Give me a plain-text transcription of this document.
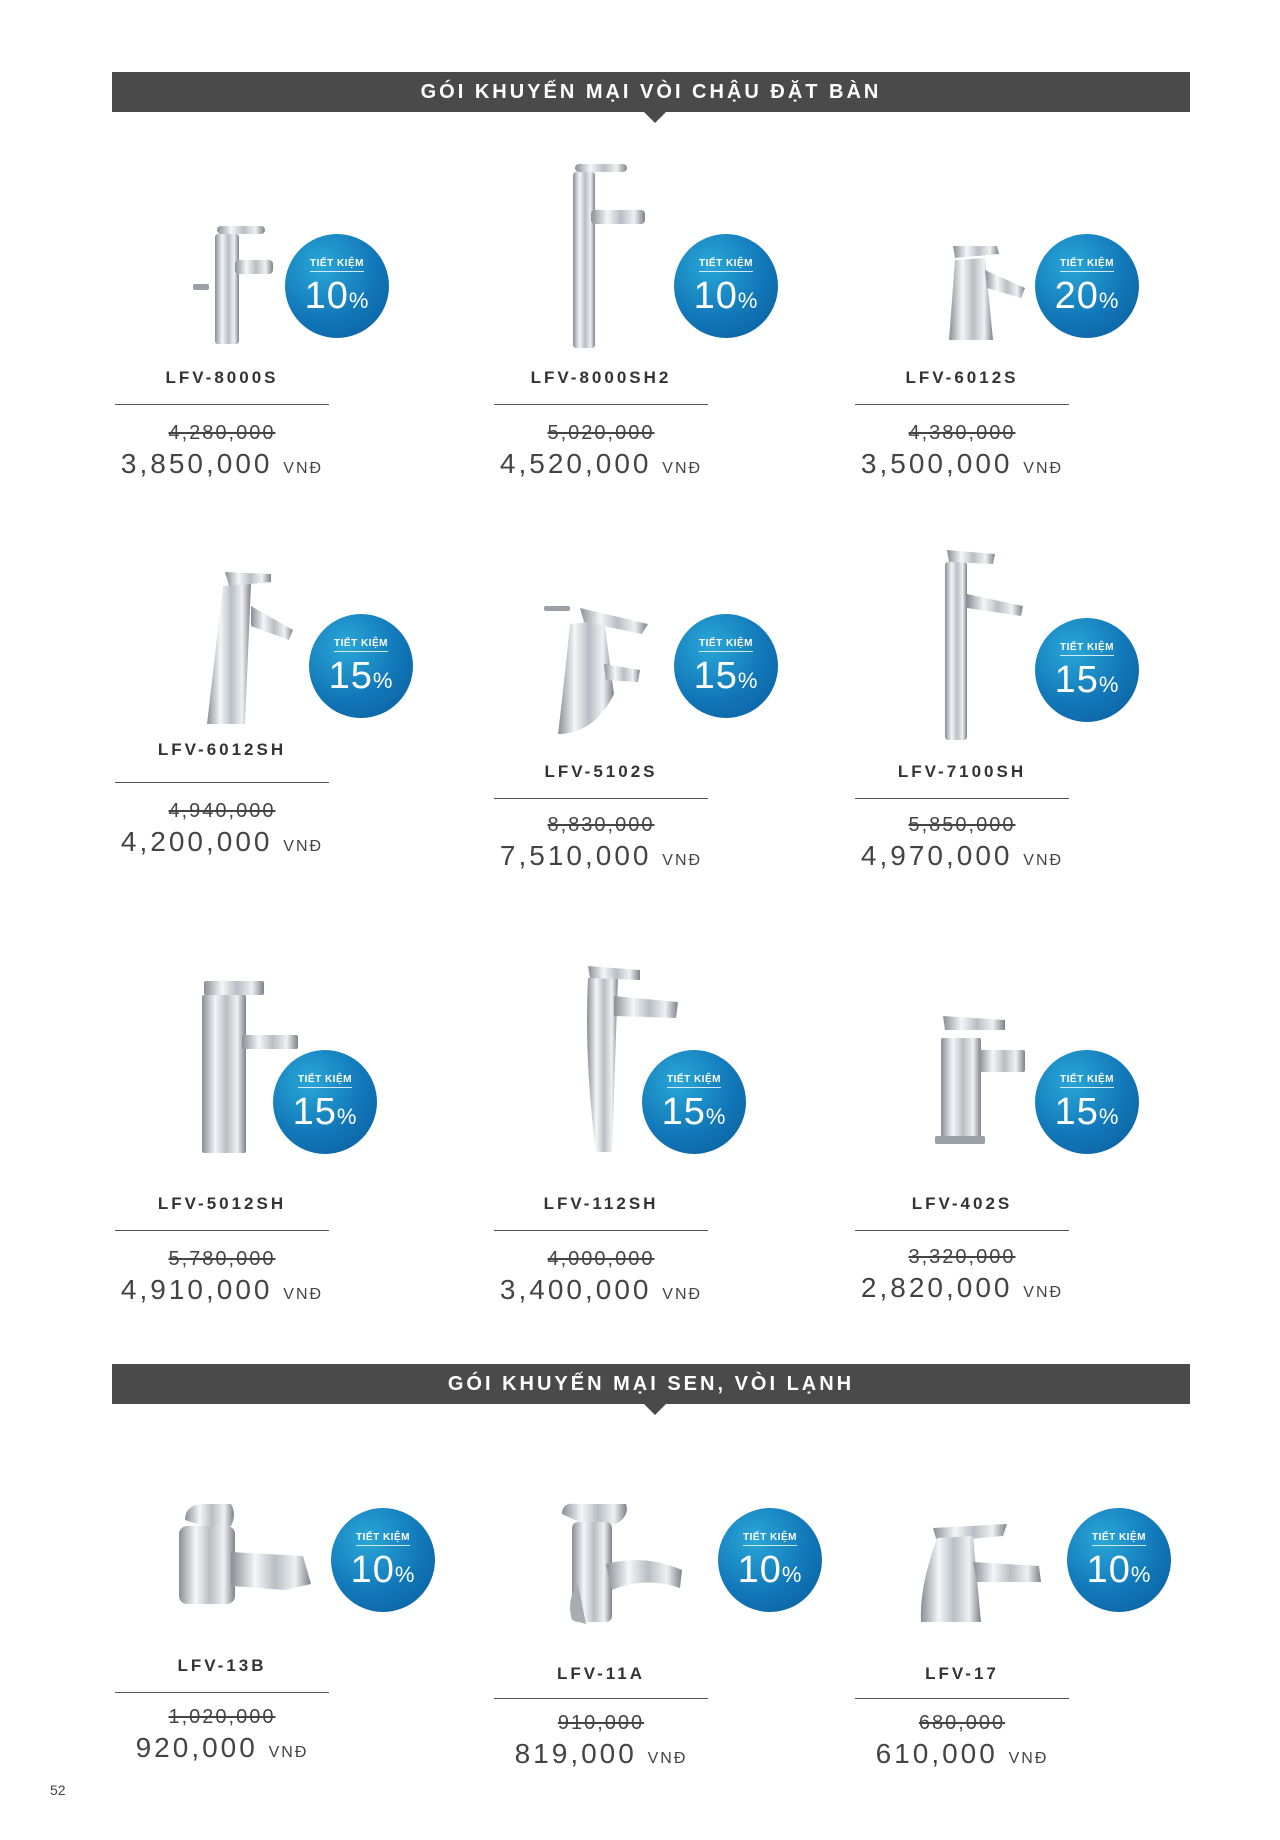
GÓI KHUYẾN MẠI VÒI CHẬU ĐẶT BÀN
TIẾT KIỆM
10%
LFV-8000S
4,280,000
3,850,000 VNĐ
TIẾT KIỆM
10%
LFV-8000SH2
5,020,000
4,520,000 VNĐ
TIẾT KIỆM
20%
LFV-6012S
4,380,000
3,500,000 VNĐ
TIẾT KIỆM
15%
LFV-6012SH
4,940,000
4,200,000 VNĐ
TIẾT KIỆM
15%
LFV-5102S
8,830,000
7,510,000 VNĐ
TIẾT KIỆM
15%
LFV-7100SH
5,850,000
4,970,000 VNĐ
TIẾT KIỆM
15%
LFV-5012SH
5,780,000
4,910,000 VNĐ
TIẾT KIỆM
15%
LFV-112SH
4,000,000
3,400,000 VNĐ
TIẾT KIỆM
15%
LFV-402S
3,320,000
2,820,000 VNĐ
GÓI KHUYẾN MẠI SEN, VÒI LẠNH
TIẾT KIỆM
10%
LFV-13B
1,020,000
920,000 VNĐ
TIẾT KIỆM
10%
LFV-11A
910,000
819,000 VNĐ
TIẾT KIỆM
10%
LFV-17
680,000
610,000 VNĐ
52
